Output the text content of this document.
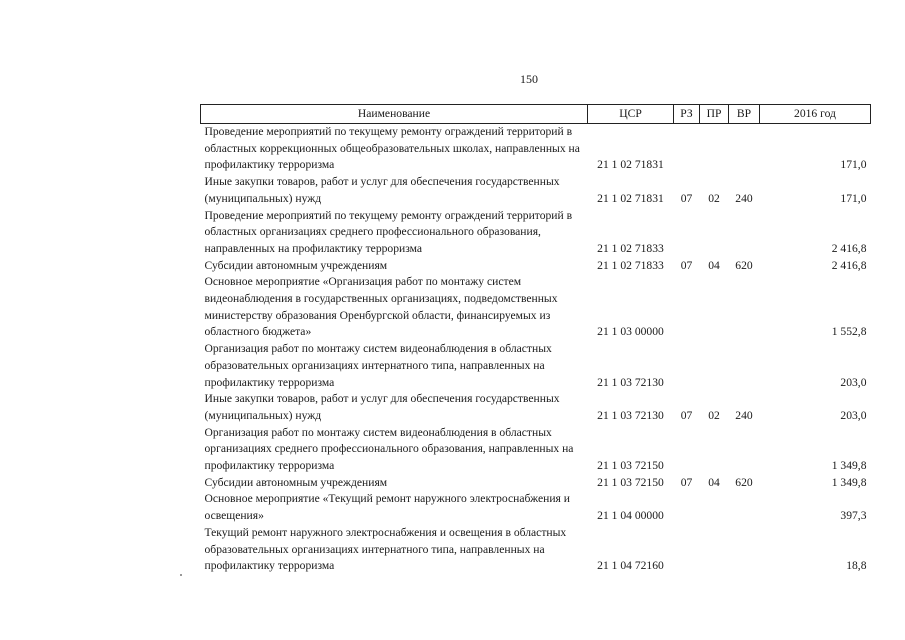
150
Наименование	ЦСР	РЗ	ПР	ВР	2016 год
Проведение мероприятий по текущему ремонту ограждений территорий в областных коррекционных общеобразовательных школах, направленных на профилактику терроризма	21 1 02 71831				171,0
Иные закупки товаров, работ и услуг для обеспечения государственных (муниципальных) нужд	21 1 02 71831	07	02	240	171,0
Проведение мероприятий по текущему ремонту ограждений территорий в областных организациях среднего профессионального образования, направленных на профилактику терроризма	21 1 02 71833				2 416,8
Субсидии автономным учреждениям	21 1 02 71833	07	04	620	2 416,8
Основное мероприятие «Организация работ по монтажу систем видеонаблюдения в государственных организациях, подведомственных министерству образования Оренбургской области, финансируемых из областного бюджета»	21 1 03 00000				1 552,8
Организация работ по монтажу систем видеонаблюдения в областных образовательных организациях интернатного типа, направленных на профилактику терроризма	21 1 03 72130				203,0
Иные закупки товаров, работ и услуг для обеспечения государственных (муниципальных) нужд	21 1 03 72130	07	02	240	203,0
Организация работ по монтажу систем видеонаблюдения в областных организациях среднего профессионального образования, направленных на профилактику терроризма	21 1 03 72150				1 349,8
Субсидии автономным учреждениям	21 1 03 72150	07	04	620	1 349,8
Основное мероприятие «Текущий ремонт наружного электроснабжения и освещения»	21 1 04 00000				397,3
Текущий ремонт наружного электроснабжения и освещения в областных образовательных организациях интернатного типа, направленных на профилактику терроризма	21 1 04 72160				18,8
